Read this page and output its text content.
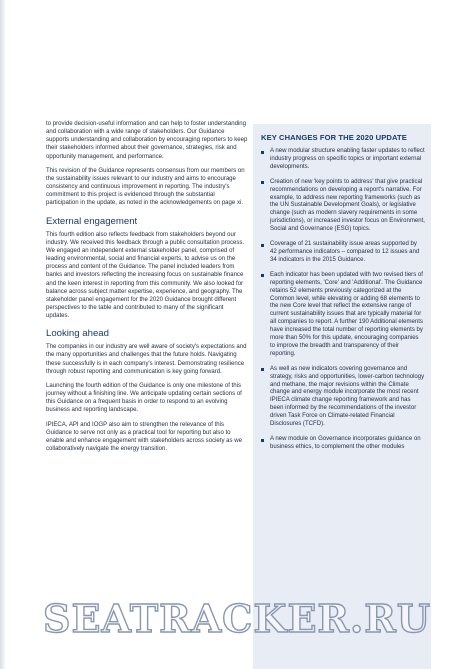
to provide decision-useful information and can help to foster understanding and collaboration with a wide range of stakeholders. Our Guidance supports understanding and collaboration by encouraging reporters to keep their stakeholders informed about their governance, strategies, risk and opportunity management, and performance.

This revision of the Guidance represents consensus from our members on the sustainability issues relevant to our industry and aims to encourage consistency and continuous improvement in reporting. The industry's commitment to this project is evidenced through the substantial participation in the update, as noted in the acknowledgements on page xi.

External engagement

This fourth edition also reflects feedback from stakeholders beyond our industry. We received this feedback through a public consultation process. We engaged an independent external stakeholder panel, comprised of leading environmental, social and financial experts, to advise us on the process and content of the Guidance. The panel included leaders from banks and investors reflecting the increasing focus on sustainable finance and the keen interest in reporting from this community. We also looked for balance across subject matter expertise, experience, and geography. The stakeholder panel engagement for the 2020 Guidance brought different perspectives to the table and contributed to many of the significant updates.

Looking ahead

The companies in our industry are well aware of society's expectations and the many opportunities and challenges that the future holds. Navigating these successfully is in each company's interest. Demonstrating resilience through robust reporting and communication is key going forward.

Launching the fourth edition of the Guidance is only one milestone of this journey without a finishing line. We anticipate updating certain sections of this Guidance on a frequent basis in order to respond to an evolving business and reporting landscape.

IPIECA, API and IOGP also aim to strengthen the relevance of this Guidance to serve not only as a practical tool for reporting but also to enable and enhance engagement with stakeholders across society as we collaboratively navigate the energy transition.

KEY CHANGES FOR THE 2020 UPDATE
A new modular structure enabling faster updates to reflect industry progress on specific topics or important external developments.
Creation of new 'key points to address' that give practical recommendations on developing a report's narrative. For example, to address new reporting frameworks (such as the UN Sustainable Development Goals), or legislative change (such as modern slavery requirements in some jurisdictions), or increased investor focus on Environment, Social and Governance (ESG) topics.
Coverage of 21 sustainability issue areas supported by 42 performance indicators – compared to 12 issues and 34 indicators in the 2015 Guidance.
Each indicator has been updated with two revised tiers of reporting elements, 'Core' and 'Additional'. The Guidance retains 52 elements previously categorized at the Common level, while elevating or adding 68 elements to the new Core level that reflect the extensive range of current sustainability issues that are typically material for all companies to report. A further 190 Additional elements have increased the total number of reporting elements by more than 50% for this update, encouraging companies to improve the breadth and transparency of their reporting.
As well as new indicators covering governance and strategy, risks and opportunities, lower-carbon technology and methane, the major revisions within the Climate change and energy module incorporate the most recent IPIECA climate change reporting framework and has been informed by the recommendations of the investor driven Task Force on Climate-related Financial Disclosures (TCFD).
A new module on Governance incorporates guidance on business ethics, to complement the other modules
SEATRACKER.RU
